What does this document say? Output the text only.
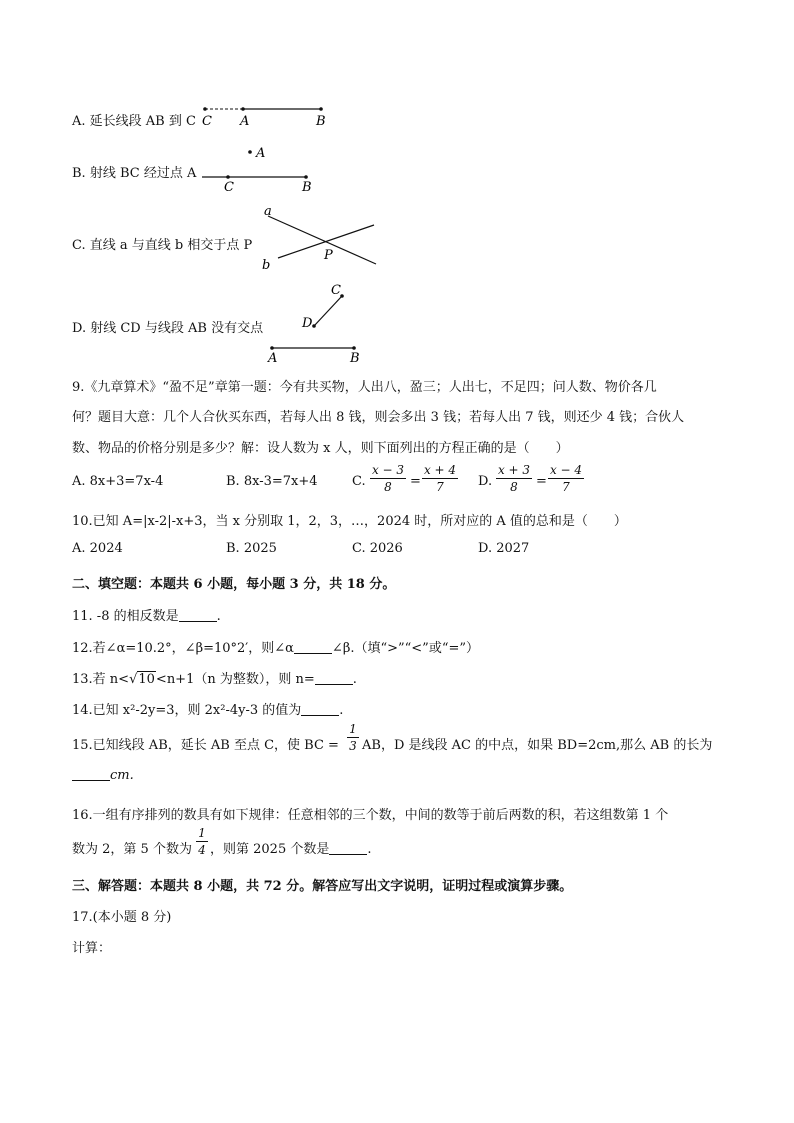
A. 延长线段 AB 到 C C A	B
B. 射线 BC 经过点 A
A
C	B
C. 直线 a 与直线 b 相交于点 P
a
b
P
D. 射线 CD 与线段 AB 没有交点
C
D
A	B
9.《九章算术》“盈不足”章第一题：今有共买物，人出八，盈三；人出七，不足四；问人数、物价各几
何？题目大意：几个人合伙买东西，若每人出 8 钱，则会多出 3 钱；若每人出 7 钱，则还少 4 钱；合伙人
数、物品的价格分别是多少？解：设人数为 x 人，则下面列出的方程正确的是（　　）
A. 8x+3=7x-4	B. 8x-3=7x+4	C.
x − 3
8	=
x + 4
7	D.
x + 3
8	=
x − 4
7
10.已知 A=|x-2|-x+3，当 x 分别取 1，2，3，…，2024 时，所对应的 A 值的总和是（　　）
A. 2024	B. 2025	C. 2026	D. 2027
二、填空题：本题共 6 小题，每小题 3 分，共 18 分。
11. -8 的相反数是	.
12.若∠α=10.2°，∠β=10°2′，则∠α	∠β.（填“>”“<”或“=”）
13.若 n<√10<n+1（n 为整数），则 n=	.
14.已知 x²-2y=3，则 2x²-4y-3 的值为	.
15.已知线段 AB，延长 AB 至点 C，使 BC =
1
3 AB，D 是线段 AC 的中点，如果 BD=2cm,那么 AB 的长为
cm.
16.一组有序排列的数具有如下规律：任意相邻的三个数，中间的数等于前后两数的积，若这组数第 1 个
数为 2，第 5 个数为
1
4 ，则第 2025 个数是	.
三、解答题：本题共 8 小题，共 72 分。解答应写出文字说明，证明过程或演算步骤。
17.(本小题 8 分)
计算：
